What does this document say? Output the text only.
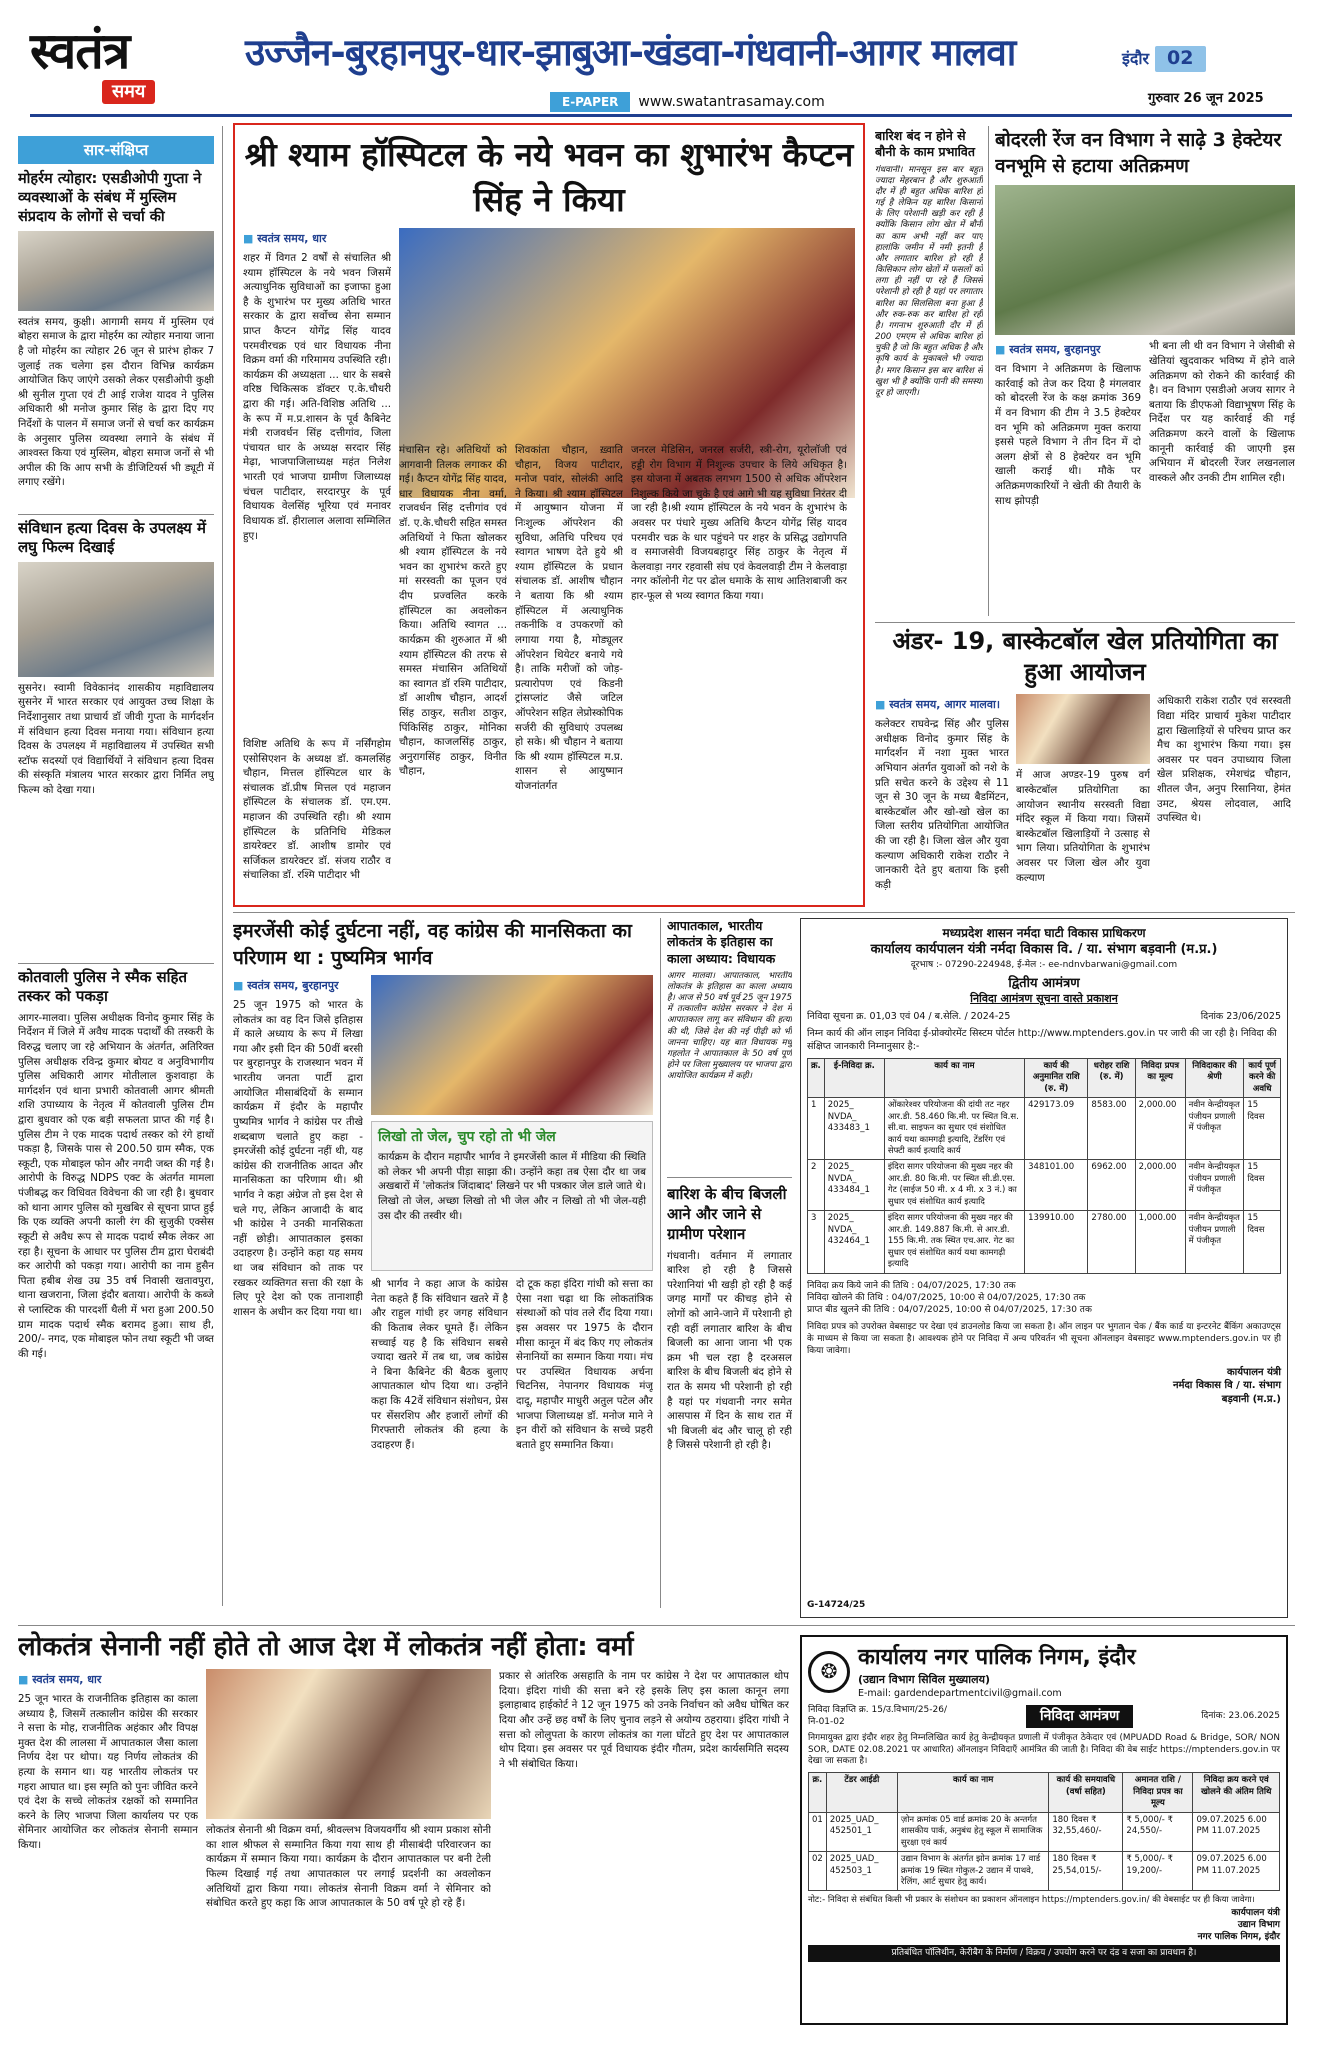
स्वतंत्र
समय
उज्जैन-बुरहानपुर-धार-झाबुआ-खंडवा-गंधवानी-आगर मालवा
E-PAPER	www.swatantrasamay.com
इंदौर 02
गुरुवार 26 जून 2025
सार-संक्षिप्त
मोहर्रम त्योहार: एसडीओपी गुप्ता ने व्यवस्थाओं के संबंध में मुस्लिम संप्रदाय के लोगों से चर्चा की
स्वतंत्र समय, कुक्षी। आगामी समय में मुस्लिम एवं बोहरा समाज के द्वारा मोहर्रम का त्योहार मनाया जाना है जो मोहर्रम का त्योहार 26 जून से प्रारंभ होकर 7 जुलाई तक चलेगा इस दौरान विभिन्न कार्यक्रम आयोजित किए जाएंगे उसको लेकर एसडीओपी कुक्षी श्री सुनील गुप्ता एवं टी आई राजेश यादव ने पुलिस अधिकारी श्री मनोज कुमार सिंह के द्वारा दिए गए निर्देशों के पालन में समाज जनों से चर्चा कर कार्यक्रम के अनुसार पुलिस व्यवस्था लगाने के संबंध में आश्वस्त किया एवं मुस्लिम, बोहरा समाज जनों से भी अपील की कि आप सभी के डीजिटियर्स भी ड्यूटी में लगाए रखेंगे।
संविधान हत्या दिवस के उपलक्ष्य में लघु फिल्म दिखाई
सुसनेर। स्वामी विवेकानंद शासकीय महाविद्यालय सुसनेर में भारत सरकार एवं आयुक्त उच्च शिक्षा के निर्देशानुसार तथा प्राचार्य डॉ जीवी गुप्ता के मार्गदर्शन में संविधान हत्या दिवस मनाया गया। संविधान हत्या दिवस के उपलक्ष्य में महाविद्यालय में उपस्थित सभी स्टॉफ सदस्यों एवं विद्यार्थियों ने संविधान हत्या दिवस की संस्कृति मंत्रालय भारत सरकार द्वारा निर्मित लघु फिल्म को देखा गया।
कोतवाली पुलिस ने स्मैक सहित तस्कर को पकड़ा
आगर-मालवा। पुलिस अधीक्षक विनोद कुमार सिंह के निर्देशन में जिले में अवैध मादक पदार्थों की तस्करी के विरुद्ध चलाए जा रहे अभियान के अंतर्गत, अतिरिक्त पुलिस अधीक्षक रविन्द्र कुमार बोयट व अनुविभागीय पुलिस अधिकारी आगर मोतीलाल कुशवाहा के मार्गदर्शन एवं थाना प्रभारी कोतवाली आगर श्रीमती शशि उपाध्याय के नेतृत्व में कोतवाली पुलिस टीम द्वारा बुधवार को एक बड़ी सफलता प्राप्त की गई है। पुलिस टीम ने एक मादक पदार्थ तस्कर को रंगे हाथों पकड़ा है, जिसके पास से 200.50 ग्राम स्मैक, एक स्कूटी, एक मोबाइल फोन और नगदी जब्त की गई है। आरोपी के विरुद्ध NDPS एक्ट के अंतर्गत मामला पंजीबद्ध कर विधिवत विवेचना की जा रही है। बुधवार को थाना आगर पुलिस को मुखबिर से सूचना प्राप्त हुई कि एक व्यक्ति अपनी काली रंग की सुजुकी एक्सेस स्कूटी से अवैध रूप से मादक पदार्थ स्मैक लेकर आ रहा है। सूचना के आधार पर पुलिस टीम द्वारा घेराबंदी कर आरोपी को पकड़ा गया। आरोपी का नाम हुसैन पिता हबीब शेख उम्र 35 वर्ष निवासी खतावपुरा, थाना खजराना, जिला इंदौर बताया। आरोपी के कब्जे से प्लास्टिक की पारदर्शी थैली में भरा हुआ 200.50 ग्राम मादक पदार्थ स्मैक बरामद हुआ। साथ ही, 200/- नगद, एक मोबाइल फोन तथा स्कूटी भी जब्त की गई।
श्री श्याम हॉस्पिटल के नये भवन का शुभारंभ कैप्टन सिंह ने किया
■ स्वतंत्र समय, धार
शहर में विगत 2 वर्षों से संचालित श्री श्याम हॉस्पिटल के नये भवन जिसमें अत्याधुनिक सुविधाओं का इजाफा हुआ है के शुभारंभ पर मुख्य अतिथि भारत सरकार के द्वारा सर्वोच्च सेना सम्मान प्राप्त कैप्टन योगेंद्र सिंह यादव परमवीरचक्र एवं धार विधायक नीना विक्रम वर्मा की गरिमामय उपस्थिति रही। कार्यक्रम की अध्यक्षता ... धार के सबसे वरिष्ठ चिकित्सक डॉक्टर ए.के.चौधरी द्वारा की गई। अति-विशिष्ठ अतिथि ... के रूप में म.प्र.शासन के पूर्व कैबिनेट मंत्री राजवर्धन सिंह दत्तीगांव, जिला पंचायत धार के अध्यक्ष सरदार सिंह मेढ़ा, भाजपाजिलाध्यक्ष महंत निलेश भारती एवं भाजपा ग्रामीण जिलाध्यक्ष चंचल पाटीदार, सरदारपुर के पूर्व विधायक वेलसिंह भूरिया एवं मनावर विधायक डॉ. हीरालाल अलावा सम्मिलित हुए।
मंचासिन रहे। अतिथियों को आगवानी तिलक लगाकर की गई। कैप्टन योगेंद्र सिंह यादव, धार विधायक नीना वर्मा, राजवर्धन सिंह दत्तीगांव एवं डॉ. ए.के.चौधरी सहित समस्त अतिथियों ने फिता खोलकर श्री श्याम हॉस्पिटल के नये भवन का शुभारंभ करते हुए मां सरस्वती का पूजन एवं दीप प्रज्वलित करके हॉस्पिटल का अवलोकन किया। अतिथि स्वागत ... कार्यक्रम की शुरुआत में श्री श्याम हॉस्पिटल की तरफ से समस्त मंचासिन अतिथियों का स्वागत डॉ रश्मि पाटीदार, डॉ आशीष चौहान, आदर्श सिंह ठाकुर, सतीश ठाकुर, पिंकिसिंह ठाकुर, मोनिका चौहान, काजलसिंह ठाकुर, अनुरागसिंह ठाकुर, विनीत चौहान,
शिवकांता चौहान, ख़्वाति चौहान, विजय पाटीदार, मनोज पवांर, सोलंकी आदि ने किया। श्री श्याम हॉस्पिटल में आयुष्मान योजना में निःशुल्क ऑपरेशन की सुविधा, अतिथि परिचय एवं स्वागत भाषण देते हुये श्री श्याम हॉस्पिटल के प्रधान संचालक डॉ. आशीष चौहान ने बताया कि श्री श्याम हॉस्पिटल में अत्याधुनिक तकनीकि व उपकरणों को लगाया गया है, मोड्यूलर ऑपरेशन थियेटर बनाये गये है। ताकि मरीजों को जोड़-प्रत्यारोपण एवं किडनी ट्रांसप्लांट जैसे जटिल ऑपरेशन सहित लेप्रोस्कोपिक सर्जरी की सुविधाएं उपलब्ध हो सके। श्री चौहान ने बताया कि श्री श्याम हॉस्पिटल म.प्र. शासन से आयुष्मान योजनांतर्गत
जनरल मेडिसिन, जनरल सर्जरी, स्त्री-रोग, यूरोलॉजी एवं हड्डी रोग विभाग में निशुल्क उपचार के लिये अधिकृत है। इस योजना में अबतक लगभग 1500 से अधिक ऑपरेशन निशुल्क किये जा चुके है एवं आगे भी यह सुविधा निरंतर दी जा रही है।श्री श्याम हॉस्पिटल के नये भवन के शुभारंभ के अवसर पर पंधारे मुख्य अतिथि कैप्टन योगेंद्र सिंह यादव परमवीर चक्र के धार पहुंचने पर शहर के प्रसिद्ध उद्योगपति व समाजसेवी विजयबहादुर सिंह ठाकुर के नेतृत्व में केलवाड़ा नगर रहवासी संघ एवं केवलवाड़ी टीम ने केलवाड़ा नगर कॉलोनी गेट पर ढोल धमाके के साथ आतिशबाजी कर हार-फूल से भव्य स्वागत किया गया।
विशिष्ट अतिथि के रूप में नर्सिंगहोम एसोसिएशन के अध्यक्ष डॉ. कमलसिंह चौहान, मित्तल हॉस्पिटल धार के संचालक डॉ.प्रीष मित्तल एवं महाजन हॉस्पिटल के संचालक डॉ. एम.एम. महाजन की उपस्थिति रही। श्री श्याम हॉस्पिटल के प्रतिनिधि मेडिकल डायरेक्टर डॉ. आशीष डामोर एवं सर्जिकल डायरेक्टर डॉ. संजय राठौर व संचालिका डॉ. रश्मि पाटीदार भी
बारिश बंद न होने से बौनी के काम प्रभावित
गंधवानी। मानसून इस बार बहुत ज्यादा मेहरबान है और शुरुआती दौर में ही बहुत अधिक बारिश हो गई है लेकिन यह बारिश किसानों के लिए परेशानी खड़ी कर रही है क्योंकि किसान लोग खेत में बौनी का काम अभी नहीं कर पाए हालांकि जमीन में नमी इतनी है और लगातार बारिश हो रही है किसिकान लोग खेतों में फसलों को लगा ही नहीं पा रहे हैं जिससे परेशानी हो रही है यहां पर लगातार बारिश का सिलसिला बना हुआ है और रुक-रुक कर बारिश हो रही है। गगनाभ शुरुआती दौर में ही 200 एमएम से अधिक बारिश हो चुकी है जो कि बहुत अधिक है और कृषि कार्य के मुकाबले भी ज्यादा है। मगर किसान इस बार बारिश से खुश भी है क्योंकि पानी की समस्या दूर हो जाएगी।
बोदरली रेंज वन विभाग ने साढ़े 3 हेक्टेयर वनभूमि से हटाया अतिक्रमण
■ स्वतंत्र समय, बुरहानपुर
वन विभाग ने अतिक्रमण के खिलाफ कार्रवाई को तेज कर दिया है मंगलवार को बोदरली रेंज के कक्ष क्रमांक 369 में वन विभाग की टीम ने 3.5 हेक्टेयर वन भूमि को अतिक्रमण मुक्त कराया इससे पहले विभाग ने तीन दिन में दो अलग क्षेत्रों से 8 हेक्टेयर वन भूमि खाली कराई थी। मौके पर अतिक्रमणकारियों ने खेती की तैयारी के साथ झोपड़ी
भी बना ली थी वन विभाग ने जेसीबी से खेतियां खुदवाकर भविष्य में होने वाले अतिक्रमण को रोकने की कार्रवाई की है। वन विभाग एसडीओ अजय सागर ने बताया कि डीएफओ विद्याभूषण सिंह के निर्देश पर यह कार्रवाई की गई अतिक्रमण करने वालों के खिलाफ कानूनी कार्रवाई की जाएगी इस अभियान में बोदरली रेंजर लखनलाल वास्कले और उनकी टीम शामिल रही।
अंडर- 19, बास्केटबॉल खेल प्रतियोगिता का हुआ आयोजन
■ स्वतंत्र समय, आगर मालवा।
कलेक्टर राघवेन्द्र सिंह और पुलिस अधीक्षक विनोद कुमार सिंह के मार्गदर्शन में नशा मुक्त भारत अभियान अंतर्गत युवाओं को नशे के प्रति सचेत करने के उद्देश्य से 11 जून से 30 जून के मध्य बैडमिंटन, बास्केटबॉल और खो-खो खेल का जिला स्तरीय प्रतियोगिता आयोजित की जा रही है। जिला खेल और युवा कल्याण अधिकारी राकेश राठौर ने जानकारी देते हुए बताया कि इसी कड़ी
में आज अण्डर-19 पुरुष वर्ग बास्केटबॉल प्रतियोगिता का आयोजन स्थानीय सरस्वती विद्या मंदिर स्कूल में किया गया। जिसमें बास्केटबॉल खिलाड़ियों ने उत्साह से भाग लिया। प्रतियोगिता के शुभारंभ अवसर पर जिला खेल और युवा कल्याण
अधिकारी राकेश राठौर एवं सरस्वती विद्या मंदिर प्राचार्य मुकेश पाटीदार द्वारा खिलाड़ियों से परिचय प्राप्त कर मैच का शुभारंभ किया गया। इस अवसर पर पवन उपाध्याय जिला खेल प्रशिक्षक, रमेशचंद्र चौहान, शीतल जैन, अनुप रिसानिया, हेमंत उमट, श्रेयस लोदवाल, आदि उपस्थित थे।
इमरजेंसी कोई दुर्घटना नहीं, वह कांग्रेस की मानसिकता का परिणाम था : पुष्यमित्र भार्गव
■ स्वतंत्र समय, बुरहानपुर
25 जून 1975 को भारत के लोकतंत्र का वह दिन जिसे इतिहास में काले अध्याय के रूप में लिखा गया और इसी दिन की 50वीं बरसी पर बुरहानपुर के राजस्थान भवन में भारतीय जनता पार्टी द्वारा आयोजित मीसाबंदियों के सम्मान कार्यक्रम में इंदौर के महापौर पुष्यमित्र भार्गव ने कांग्रेस पर तीखे शब्दबाण चलाते हुए कहा - इमरजेंसी कोई दुर्घटना नहीं थी, यह कांग्रेस की राजनीतिक आदत और मानसिकता का परिणाम थी। श्री भार्गव ने कहा अंग्रेज तो इस देश से चले गए, लेकिन आजादी के बाद भी कांग्रेस ने उनकी मानसिकता नहीं छोड़ी। आपातकाल इसका उदाहरण है। उन्होंने कहा यह समय था जब संविधान को ताक पर रखकर व्यक्तिगत सत्ता की रक्षा के लिए पूरे देश को एक तानाशाही शासन के अधीन कर दिया गया था।
लिखो तो जेल, चुप रहो तो भी जेल
कार्यक्रम के दौरान महापौर भार्गव ने इमरजेंसी काल में मीडिया की स्थिति को लेकर भी अपनी पीड़ा साझा की। उन्होंने कहा तब ऐसा दौर था जब अखबारों में 'लोकतंत्र जिंदाबाद' लिखने पर भी पत्रकार जेल डाले जाते थे। लिखो तो जेल, अच्छा लिखो तो भी जेल और न लिखो तो भी जेल-यही उस दौर की तस्वीर थी।
श्री भार्गव ने कहा आज के कांग्रेस नेता कहते हैं कि संविधान खतरे में है और राहुल गांधी हर जगह संविधान की किताब लेकर घूमते हैं। लेकिन सच्चाई यह है कि संविधान सबसे ज्यादा खतरे में तब था, जब कांग्रेस ने बिना कैबिनेट की बैठक बुलाए आपातकाल थोप दिया था। उन्होंने कहा कि 42वें संविधान संशोधन, प्रेस पर सेंसरशिप और हजारों लोगों की गिरफ्तारी लोकतंत्र की हत्या के उदाहरण हैं।
दो टूक कहा इंदिरा गांधी को सत्ता का ऐसा नशा चढ़ा था कि लोकतांत्रिक संस्थाओं को पांव तले रौंद दिया गया। इस अवसर पर 1975 के दौरान मीसा कानून में बंद किए गए लोकतंत्र सेनानियों का सम्मान किया गया। मंच पर उपस्थित विधायक अर्चना चिटनिस, नेपानगर विधायक मंजू दादू, महापौर माधुरी अतुल पटेल और भाजपा जिलाध्यक्ष डॉ. मनोज माने ने इन वीरों को संविधान के सच्चे प्रहरी बताते हुए सम्मानित किया।
आपातकाल, भारतीय लोकतंत्र के इतिहास का काला अध्याय: विधायक
आगर मालवा। आपातकाल, भारतीय लोकतंत्र के इतिहास का काला अध्याय है। आज से 50 वर्ष पूर्व 25 जून 1975 में तत्कालीन कांग्रेस सरकार ने देश में आपातकाल लागू कर संविधान की हत्या की थी, जिसे देश की नई पीढ़ी को भी जानना चाहिए। यह बात विधायक मधु गहलोत ने आपातकाल के 50 वर्ष पूर्ण होने पर जिला मुख्यालय पर भाजपा द्वारा आयोजित कार्यक्रम में कही।
बारिश के बीच बिजली आने और जाने से ग्रामीण परेशान
गंधवानी। वर्तमान में लगातार बारिश हो रही है जिससे परेशानियां भी खड़ी हो रही है कई जगह मार्गों पर कीचड़ होने से लोगों को आने-जाने में परेशानी हो रही वहीं लगातार बारिश के बीच बिजली का आना जाना भी एक क्रम भी चल रहा है दरअसल बारिश के बीच बिजली बंद होने से रात के समय भी परेशानी हो रही है यहां पर गंधवानी नगर समेत आसपास में दिन के साथ रात में भी बिजली बंद और चालू हो रही है जिससे परेशानी हो रही है।
मध्यप्रदेश शासन नर्मदा घाटी विकास प्राधिकरण
कार्यालय कार्यपालन यंत्री नर्मदा विकास वि. / या. संभाग बड़वानी (म.प्र.)
दूरभाष :- 07290-224948, ई-मेल :- ee-ndnvbarwani@gmail.com
द्वितीय आमंत्रण
निविदा आमंत्रण सूचना वास्ते प्रकाशन
निविदा सूचना क्र. 01,03 एवं 04 / ब.सेलि. / 2024-25	दिनांक 23/06/2025
निम्न कार्य की ऑन लाइन निविदा ई-प्रोक्योरमेंट सिस्टम पोर्टल http://www.mptenders.gov.in पर जारी की जा रही है। निविदा की संक्षिप्त जानकारी निम्नानुसार है:-
क्र.	ई-निविदा क्र.	कार्य का नाम	कार्य की अनुमानित राशि (रु. में)	धरोहर राशि (रु. में)	निविदा प्रपत्र का मूल्य	निविदाकार की श्रेणी	कार्य पूर्ण करने की अवधि
1	2025_ NVDA_ 433483_1	ओंकारेश्वर परियोजना की दांयी तट नहर आर.डी. 58.460 कि.मी. पर स्थित वि.स. सी.वा. साइफन का सुधार एवं संशोधित कार्य यथा कामगढ़ी इत्यादि, टेंडरिंग एवं सेफ्टी कार्य इत्यादि कार्य	429173.09	8583.00	2,000.00	नवीन केन्द्रीयकृत पंजीयन प्रणाली में पंजीकृत	15 दिवस
2	2025_ NVDA_ 433484_1	इंदिरा सागर परियोजना की मुख्य नहर की आर.डी. 80 कि.मी. पर स्थित सी.डी.एस. गेट (साईज 50 मी. x 4 मी. x 3 नं.) का सुधार एवं संशोधित कार्य इत्यादि	348101.00	6962.00	2,000.00	नवीन केन्द्रीयकृत पंजीयन प्रणाली में पंजीकृत	15 दिवस
3	2025_ NVDA_ 432464_1	इंदिरा सागर परियोजना की मुख्य नहर की आर.डी. 149.887 कि.मी. से आर.डी. 155 कि.मी. तक स्थित एच.आर. गेट का सुधार एवं संशोधित कार्य यथा कामगढ़ी इत्यादि	139910.00	2780.00	1,000.00	नवीन केन्द्रीयकृत पंजीयन प्रणाली में पंजीकृत	15 दिवस
निविदा क्रय किये जाने की तिथि : 04/07/2025, 17:30 तक
निविदा खोलने की तिथि : 04/07/2025, 10:00 से 04/07/2025, 17:30 तक
प्राप्त बीड खुलने की तिथि : 04/07/2025, 10:00 से 04/07/2025, 17:30 तक
निविदा प्रपत्र को उपरोक्त वेबसाइट पर देखा एवं डाउनलोड किया जा सकता है। ऑन लाइन पर भुगतान चेक / बैंक कार्ड या इन्टरनेट बैंकिंग अकाउण्ट्स के माध्यम से किया जा सकता है। आवश्यक होने पर निविदा में अन्य परिवर्तन भी सूचना ऑनलाइन वेबसाइट www.mptenders.gov.in पर ही किया जावेगा।
कार्यपालन यंत्री
नर्मदा विकास वि / या. संभाग
बड़वानी (म.प्र.)
G-14724/25
लोकतंत्र सेनानी नहीं होते तो आज देश में लोकतंत्र नहीं होता: वर्मा
■ स्वतंत्र समय, धार
25 जून भारत के राजनीतिक इतिहास का काला अध्याय है, जिसमें तत्कालीन कांग्रेस की सरकार ने सत्ता के मोह, राजनीतिक अहंकार और विपक्ष मुक्त देश की लालसा में आपातकाल जैसा काला निर्णय देश पर थोपा। यह निर्णय लोकतंत्र की हत्या के समान था। यह भारतीय लोकतंत्र पर गहरा आघात था। इस स्मृति को पुनः जीवित करने एवं देश के सच्चे लोकतंत्र रक्षकों को सम्मानित करने के लिए भाजपा जिला कार्यालय पर एक सेमिनार आयोजित कर लोकतंत्र सेनानी सम्मान किया।
लोकतंत्र सेनानी श्री विक्रम वर्मा, श्रीवल्लभ विजयवर्गीय श्री श्याम प्रकाश सोनी का शाल श्रीफल से सम्मानित किया गया साथ ही मीसाबंदी परिवारजन का कार्यक्रम में सम्मान किया गया। कार्यक्रम के दौरान आपातकाल पर बनी टेली फिल्म दिखाई गई तथा आपातकाल पर लगाई प्रदर्शनी का अवलोकन अतिथियों द्वारा किया गया। लोकतंत्र सेनानी विक्रम वर्मा ने सेमिनार को संबोधित करते हुए कहा कि आज आपातकाल के 50 वर्ष पूरे हो रहे हैं।
प्रकार से आंतरिक असहाति के नाम पर कांग्रेस ने देश पर आपातकाल थोप दिया। इंदिरा गांधी की सत्ता बने रहे इसके लिए इस काला कानून लगा इलाहाबाद हाईकोर्ट ने 12 जून 1975 को उनके निर्वाचन को अवैध घोषित कर दिया और उन्हें छह वर्षों के लिए चुनाव लड़ने से अयोग्य ठहराया। इंदिरा गांधी ने सत्ता को लोलुपता के कारण लोकतंत्र का गला घोंटते हुए देश पर आपातकाल थोप दिया। इस अवसर पर पूर्व विधायक इंदीर गौतम, प्रदेश कार्यसमिति सदस्य ने भी संबोधित किया।
❂
कार्यालय नगर पालिक निगम, इंदौर
(उद्यान विभाग सिविल मुख्यालय)
E-mail: gardendepartmentcivil@gmail.com
निविदा विज्ञप्ति क्र. 15/उ.विभाग/25-26/नि-01-02	निविदा आमंत्रण	दिनांक: 23.06.2025
निगमायुक्त द्वारा इंदौर शहर हेतु निम्नलिखित कार्य हेतु केन्द्रीयकृत प्रणाली में पंजीकृत ठेकेदार एवं (MPUADD Road & Bridge, SOR/ NON SOR, DATE 02.08.2021 पर आधारित) ऑनलाइन निविदाएँ आमंत्रित की जाती है। निविदा की वेब साईट https://mptenders.gov.in पर देखा जा सकता है।
क्र.	टेंडर आईडी	कार्य का नाम	कार्य की समयावधि (वर्षा सहित)	अमानत राशि / निविदा प्रपत्र का मूल्य	निविदा क्रय करने एवं खोलने की अंतिम तिथि
01	2025_UAD_ 452501_1	ज़ोन क्रमांक 05 वार्ड क्रमांक 20 के अन्तर्गत शासकीय पार्क, अनुबंध हेतु स्कूल में सामाजिक सुरक्षा एवं कार्य	180 दिवस ₹ 32,55,460/-	₹ 5,000/- ₹ 24,550/-	09.07.2025 6.00 PM 11.07.2025
02	2025_UAD_ 452503_1	उद्यान विभाग के अंतर्गत झोन क्रमांक 17 वार्ड क्रमांक 19 स्थित गोकुल-2 उद्यान में पाथवे, रेलिंग, आर्ट सुधार हेतु कार्य।	180 दिवस ₹ 25,54,015/-	₹ 5,000/- ₹ 19,200/-	09.07.2025 6.00 PM 11.07.2025
नोट:- निविदा से संबंधित किसी भी प्रकार के संशोधन का प्रकाशन ऑनलाइन https://mptenders.gov.in/ की वेबसाईट पर ही किया जावेगा।
कार्यपालन यंत्री
उद्यान विभाग
नगर पालिक निगम, इंदौर
प्रतिबंधित पॉलिथीन, केरीबैग के निर्माण / विक्रय / उपयोग करने पर दंड व सजा का प्रावधान है।
